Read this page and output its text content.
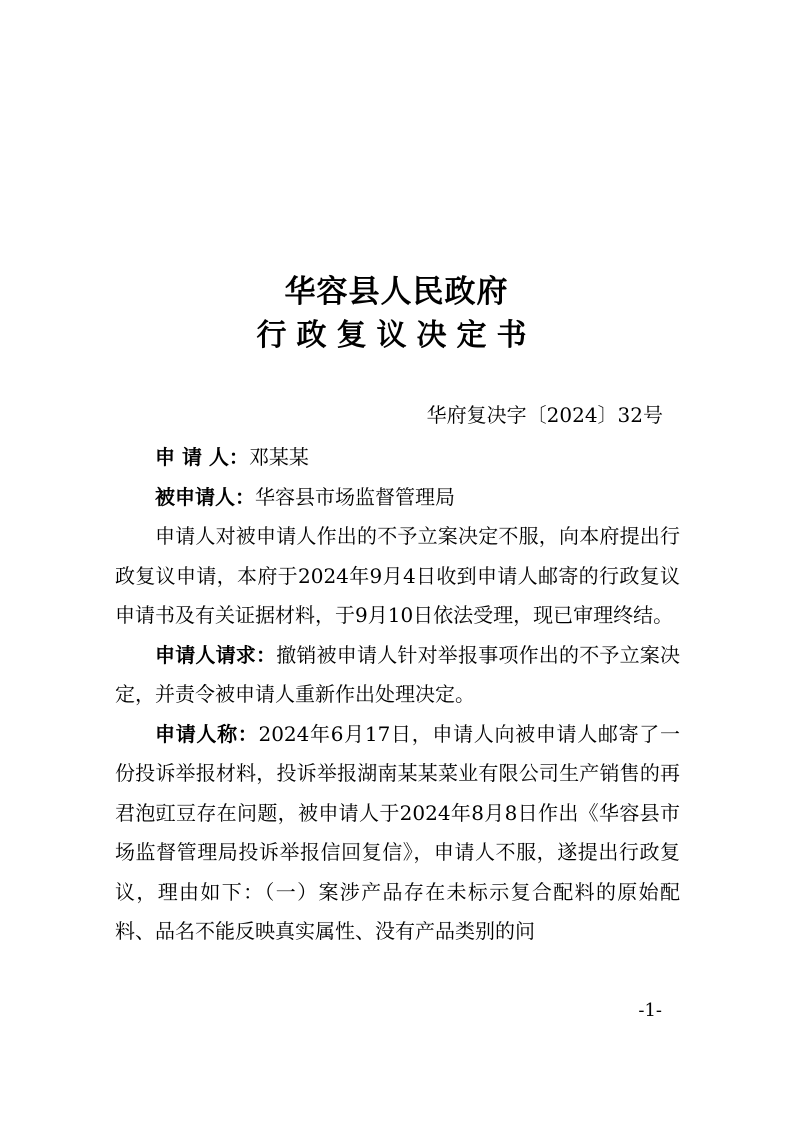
华容县人民政府
行政复议决定书
华府复决字〔2024〕32号

申 请 人：邓某某

被申请人：华容县市场监督管理局

申请人对被申请人作出的不予立案决定不服，向本府提出行政复议申请，本府于2024年9月4日收到申请人邮寄的行政复议申请书及有关证据材料，于9月10日依法受理，现已审理终结。

申请人请求：撤销被申请人针对举报事项作出的不予立案决定，并责令被申请人重新作出处理决定。

申请人称：2024年6月17日，申请人向被申请人邮寄了一份投诉举报材料，投诉举报湖南某某菜业有限公司生产销售的再君泡豇豆存在问题，被申请人于2024年8月8日作出《华容县市场监督管理局投诉举报信回复信》，申请人不服，遂提出行政复议，理由如下：（一）案涉产品存在未标示复合配料的原始配料、品名不能反映真实属性、没有产品类别的问

-1-
